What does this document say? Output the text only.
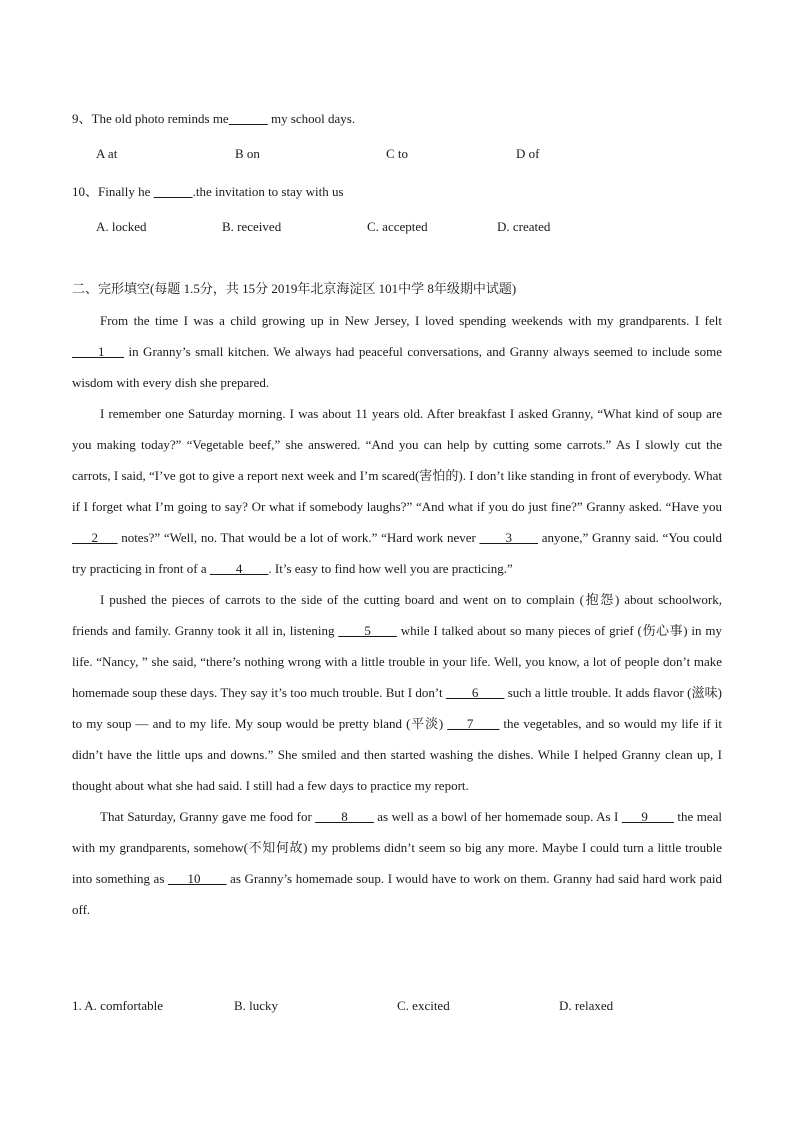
9、The old photo reminds me	my school days.
A at	B on	C to	D of
10、Finally he	.the invitation to stay with us
A. locked	B. received	C. accepted	D. created
二、完形填空(每题 1.5分，共 15分 2019年北京海淀区 101中学 8年级期中试题)

From the time I was a child growing up in New Jersey, I loved spending weekends with my grandparents. I felt ____1___ in Granny’s small kitchen. We always had peaceful conversations, and Granny always seemed to include some wisdom with every dish she prepared.

I remember one Saturday morning. I was about 11 years old. After breakfast I asked Granny, “What kind of soup are you making today?” “Vegetable beef,” she answered. “And you can help by cutting some carrots.” As I slowly cut the carrots, I said, “I’ve got to give a report next week and I’m scared(害怕的). I don’t like standing in front of everybody. What if I forget what I’m going to say? Or what if somebody laughs?” “And what if you do just fine?” Granny asked. “Have you ___2___ notes?” “Well, no. That would be a lot of work.” “Hard work never ____3____ anyone,” Granny said. “You could try practicing in front of a ____4____. It’s easy to find how well you are practicing.”

I pushed the pieces of carrots to the side of the cutting board and went on to complain (抱怨) about schoolwork, friends and family. Granny took it all in, listening ____5____ while I talked about so many pieces of grief (伤心事) in my life. “Nancy, ” she said, “there’s nothing wrong with a little trouble in your life. Well, you know, a lot of people don’t make homemade soup these days. They say it’s too much trouble. But I don’t ____6____ such a little trouble. It adds flavor (滋味) to my soup — and to my life. My soup would be pretty bland (平淡) ___7____ the vegetables, and so would my life if it didn’t have the little ups and downs.” She smiled and then started washing the dishes. While I helped Granny clean up, I thought about what she had said. I still had a few days to practice my report.

That Saturday, Granny gave me food for ____8____ as well as a bowl of her homemade soup. As I ___9____ the meal with my grandparents, somehow(不知何故) my problems didn’t seem so big any more. Maybe I could turn a little trouble into something as ___10____ as Granny’s homemade soup. I would have to work on them. Granny had said hard work paid off.

1. A. comfortable	B. lucky	C. excited	D. relaxed
